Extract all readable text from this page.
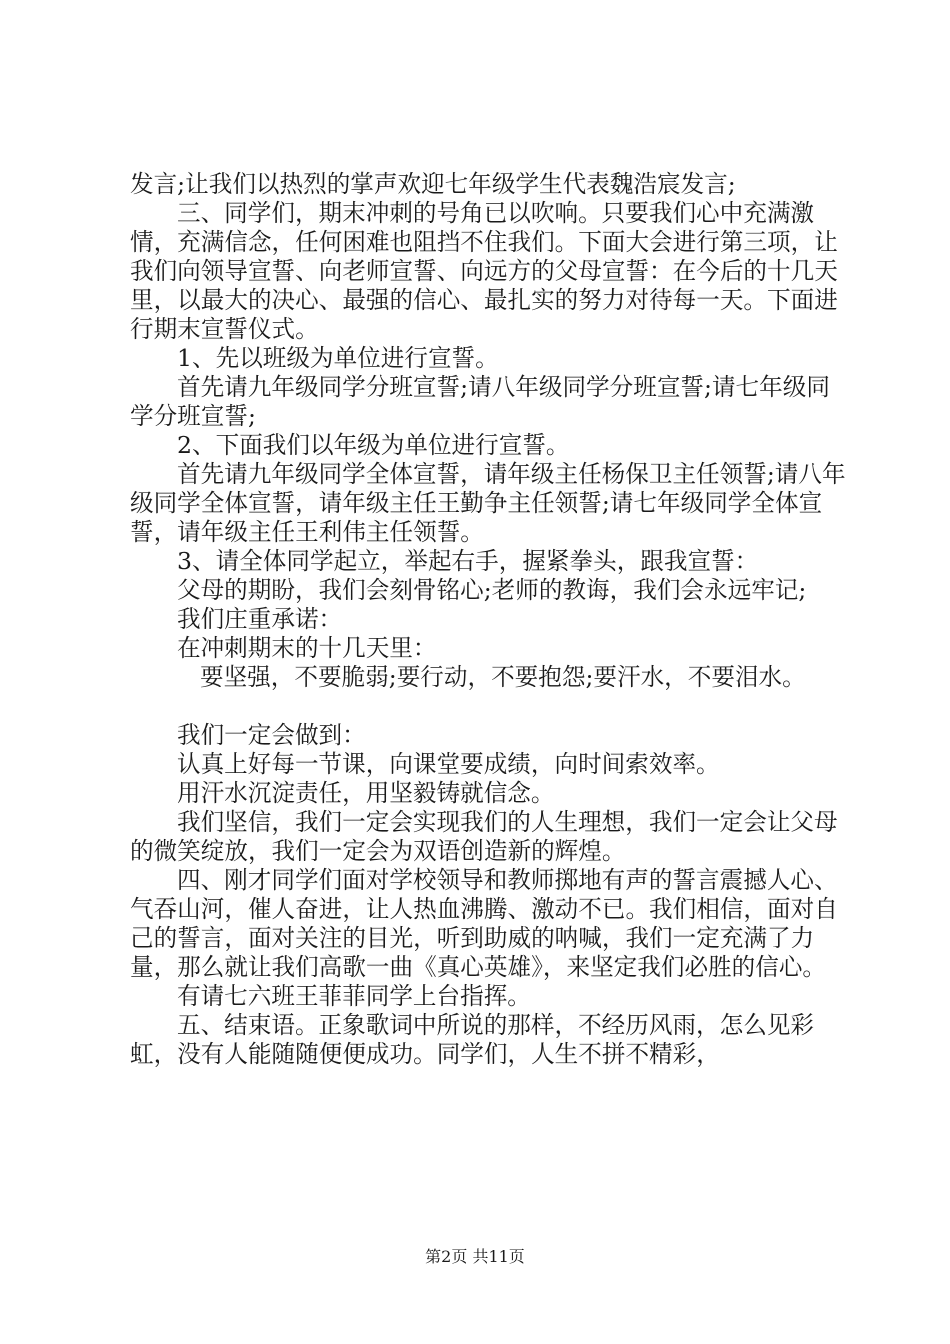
发言;让我们以热烈的掌声欢迎七年级学生代表魏浩宸发言;

三、同学们，期末冲刺的号角已以吹响。只要我们心中充满激情，充满信念，任何困难也阻挡不住我们。下面大会进行第三项，让我们向领导宣誓、向老师宣誓、向远方的父母宣誓：在今后的十几天里，以最大的决心、最强的信心、最扎实的努力对待每一天。下面进行期末宣誓仪式。

1、先以班级为单位进行宣誓。

首先请九年级同学分班宣誓;请八年级同学分班宣誓;请七年级同学分班宣誓;

2、下面我们以年级为单位进行宣誓。

首先请九年级同学全体宣誓，请年级主任杨保卫主任领誓;请八年级同学全体宣誓，请年级主任王勤争主任领誓;请七年级同学全体宣誓，请年级主任王利伟主任领誓。

3、请全体同学起立，举起右手，握紧拳头，跟我宣誓：

父母的期盼，我们会刻骨铭心;老师的教诲，我们会永远牢记;

我们庄重承诺：

在冲刺期末的十几天里：

要坚强，不要脆弱;要行动，不要抱怨;要汗水，不要泪水。

我们一定会做到：

认真上好每一节课，向课堂要成绩，向时间索效率。

用汗水沉淀责任，用坚毅铸就信念。

我们坚信，我们一定会实现我们的人生理想，我们一定会让父母的微笑绽放，我们一定会为双语创造新的辉煌。

四、刚才同学们面对学校领导和教师掷地有声的誓言震撼人心、气吞山河，催人奋进，让人热血沸腾、激动不已。我们相信，面对自己的誓言，面对关注的目光，听到助威的呐喊，我们一定充满了力量，那么就让我们高歌一曲《真心英雄》，来坚定我们必胜的信心。

有请七六班王菲菲同学上台指挥。

五、结束语。正象歌词中所说的那样，不经历风雨，怎么见彩虹，没有人能随随便便成功。同学们，人生不拼不精彩，

第2页 共11页
